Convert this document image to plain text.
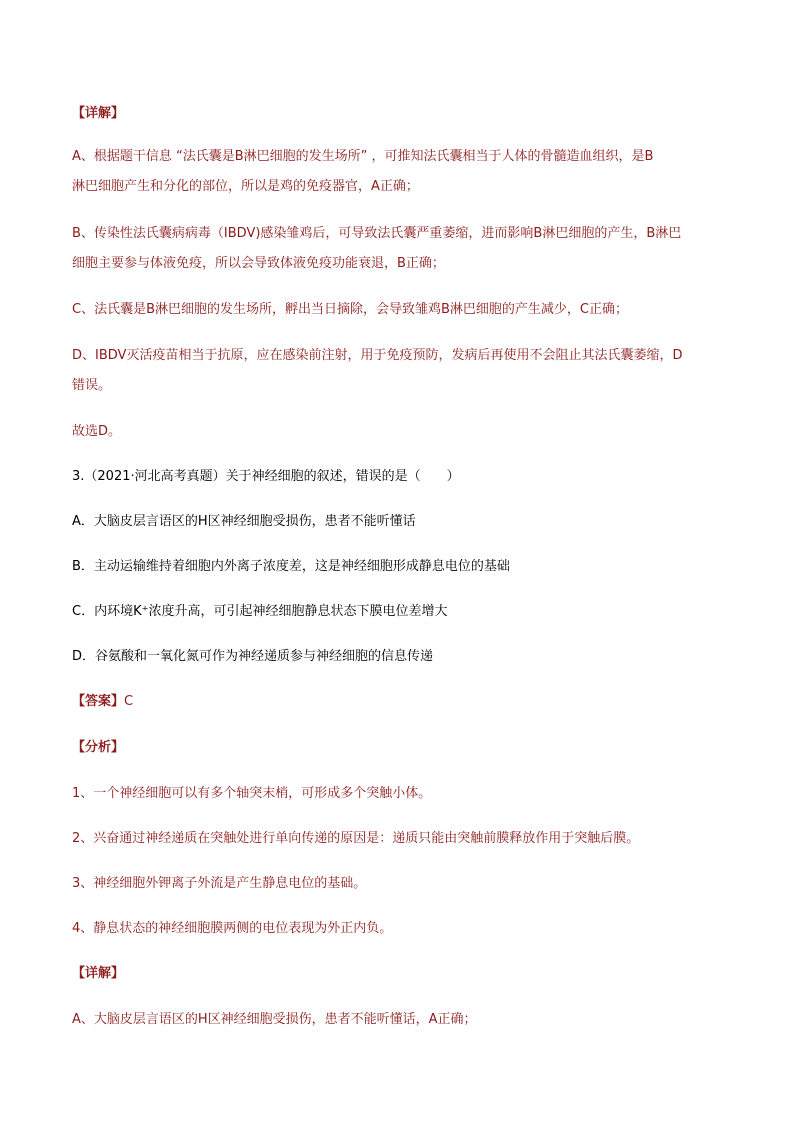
【详解】
A、根据题干信息 “法氏囊是B淋巴细胞的发生场所” ，可推知法氏囊相当于人体的骨髓造血组织，是B
淋巴细胞产生和分化的部位，所以是鸡的免疫器官，A正确；
B、传染性法氏囊病病毒（IBDV)感染雏鸡后，可导致法氏囊严重萎缩，进而影响B淋巴细胞的产生，B淋巴
细胞主要参与体液免疫，所以会导致体液免疫功能衰退，B正确；
C、法氏囊是B淋巴细胞的发生场所，孵出当日摘除，会导致雏鸡B淋巴细胞的产生减少，C正确；
D、IBDV灭活疫苗相当于抗原，应在感染前注射，用于免疫预防，发病后再使用不会阻止其法氏囊萎缩，D
错误。
故选D。
3.（2021·河北高考真题）关于神经细胞的叙述，错误的是（　　）
A．大脑皮层言语区的H区神经细胞受损伤，患者不能听懂话
B．主动运输维持着细胞内外离子浓度差，这是神经细胞形成静息电位的基础
C．内环境K⁺浓度升高，可引起神经细胞静息状态下膜电位差增大
D．谷氨酸和一氧化氮可作为神经递质参与神经细胞的信息传递
【答案】C
【分析】
1、一个神经细胞可以有多个轴突末梢，可形成多个突触小体。
2、兴奋通过神经递质在突触处进行单向传递的原因是：递质只能由突触前膜释放作用于突触后膜。
3、神经细胞外钾离子外流是产生静息电位的基础。
4、静息状态的神经细胞膜两侧的电位表现为外正内负。
【详解】
A、大脑皮层言语区的H区神经细胞受损伤，患者不能听懂话，A正确；
